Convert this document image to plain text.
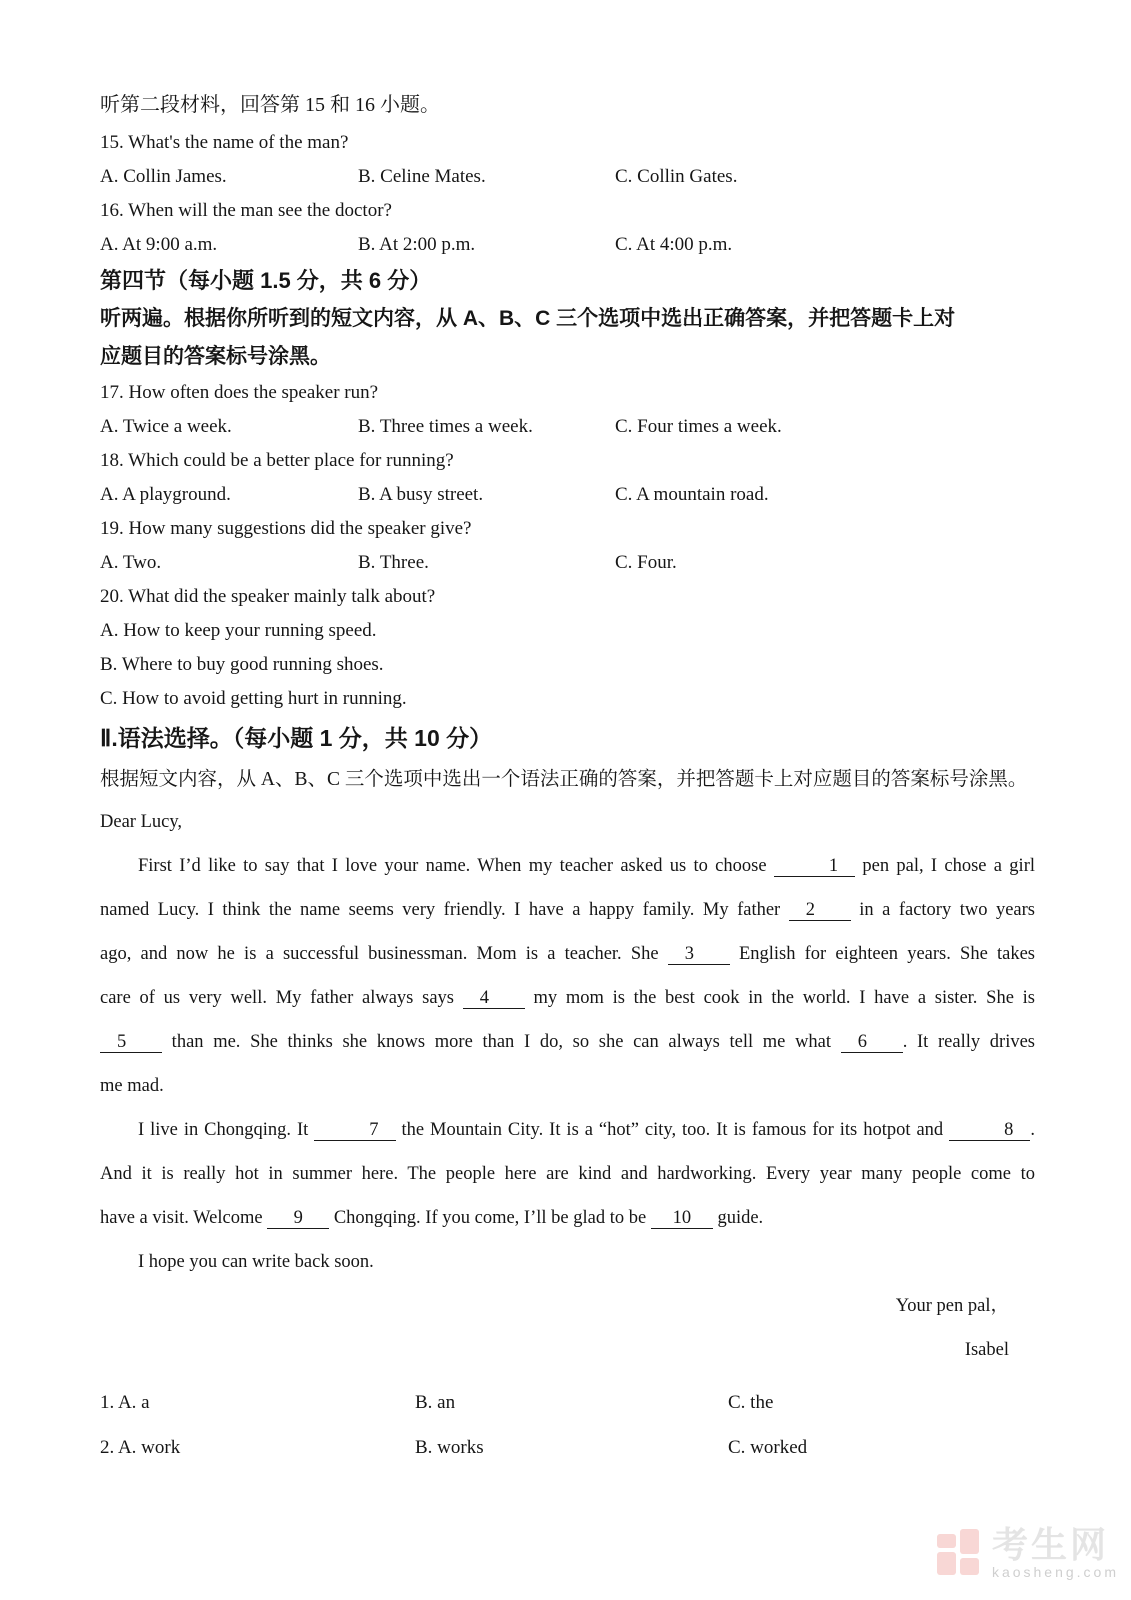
听第二段材料，回答第 15 和 16 小题。
15. What's the name of the man?
A. Collin James.	B. Celine Mates.	C. Collin Gates.
16. When will the man see the doctor?
A. At 9:00 a.m.	B. At 2:00 p.m.	C. At 4:00 p.m.
第四节（每小题 1.5 分，共 6 分）
听两遍。根据你所听到的短文内容，从 A、B、C 三个选项中选出正确答案，并把答题卡上对
应题目的答案标号涂黑。
17. How often does the speaker run?
A. Twice a week.	B. Three times a week.	C. Four times a week.
18. Which could be a better place for running?
A. A playground.	B. A busy street.	C. A mountain road.
19. How many suggestions did the speaker give?
A. Two.	B. Three.	C. Four.
20. What did the speaker mainly talk about?
A. How to keep your running speed.
B. Where to buy good running shoes.
C. How to avoid getting hurt in running.
Ⅱ.语法选择。（每小题 1 分，共 10 分）
根据短文内容，从 A、B、C 三个选项中选出一个语法正确的答案，并把答题卡上对应题目的答案标号涂黑。
Dear Lucy,
First I’d like to say that I love your name. When my teacher asked us to choose	1 pen pal, I chose a girl
named Lucy. I think the name seems very friendly. I have a happy family. My father 2 in a factory two years
ago, and now he is a successful businessman. Mom is a teacher. She 3 English for eighteen years. She takes
care of us very well. My father always says 4 my mom is the best cook in the world. I have a sister. She is
5 than me. She thinks she knows more than I do, so she can always tell me what 6 . It really drives
me mad.
I live in Chongqing. It	7 the Mountain City. It is a “hot” city, too. It is famous for its hotpot and	8 .
And it is really hot in summer here. The people here are kind and hardworking. Every year many people come to
have a visit. Welcome 9 Chongqing. If you come, I’ll be glad to be 10 guide.
I hope you can write back soon.
Your pen pal，
Isabel
1. A. a	B. an	C. the
2. A. work	B. works	C. worked
考生网
kaosheng.com
